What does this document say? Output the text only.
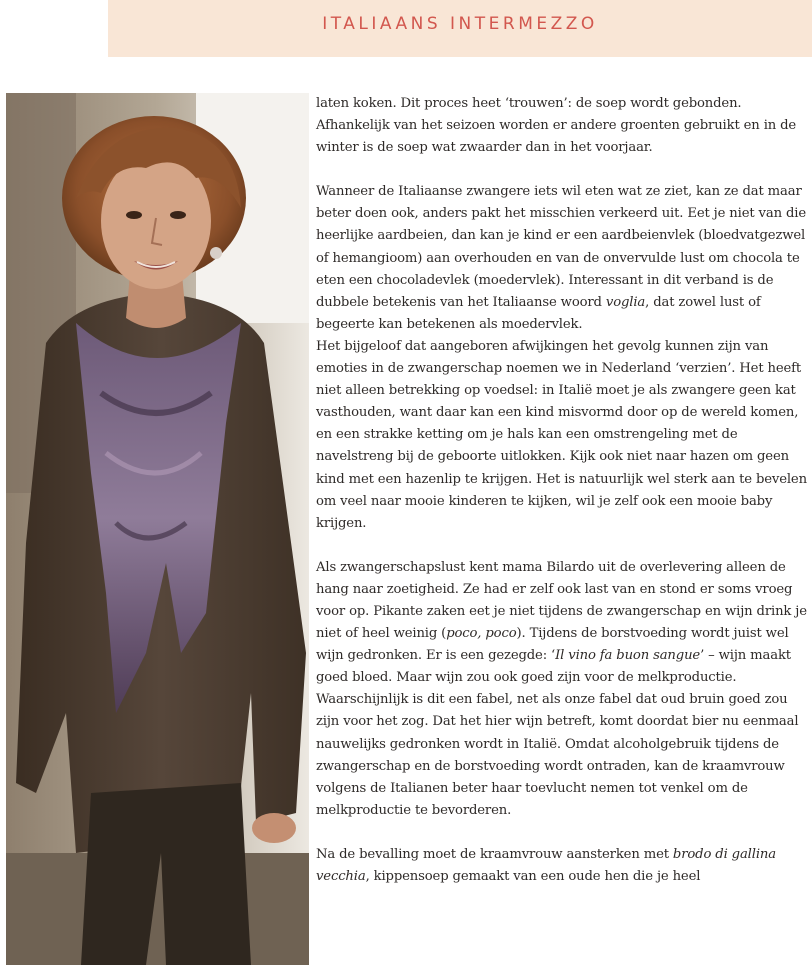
ITALIAANS INTERMEZZO

laten koken. Dit proces heet ‘trouwen’: de soep wordt gebonden. Afhankelijk van het seizoen worden er andere groenten gebruikt en in de winter is de soep wat zwaarder dan in het voorjaar.

Wanneer de Italiaanse zwangere iets wil eten wat ze ziet, kan ze dat maar beter doen ook, anders pakt het misschien verkeerd uit. Eet je niet van die heerlijke aardbeien, dan kan je kind er een aardbeienvlek (bloedvatgezwel of hemangioom) aan overhouden en van de onvervulde lust om chocola te eten een chocoladevlek (moedervlek). Interessant in dit verband is de dubbele betekenis van het Italiaanse woord voglia, dat zowel lust of begeerte kan betekenen als moedervlek.

Het bijgeloof dat aangeboren afwijkingen het gevolg kunnen zijn van emoties in de zwangerschap noemen we in Nederland ‘verzien’. Het heeft niet alleen betrekking op voedsel: in Italië moet je als zwangere geen kat vasthouden, want daar kan een kind misvormd door op de wereld komen, en een strakke ketting om je hals kan een omstrengeling met de navelstreng bij de geboorte uitlokken. Kijk ook niet naar hazen om geen kind met een hazenlip te krijgen. Het is natuurlijk wel sterk aan te bevelen om veel naar mooie kinderen te kijken, wil je zelf ook een mooie baby krijgen.

Als zwangerschapslust kent mama Bilardo uit de overlevering alleen de hang naar zoetigheid. Ze had er zelf ook last van en stond er soms vroeg voor op. Pikante zaken eet je niet tijdens de zwangerschap en wijn drink je niet of heel weinig (poco, poco). Tijdens de borstvoeding wordt juist wel wijn gedronken. Er is een gezegde: ‘Il vino fa buon sangue’ – wijn maakt goed bloed. Maar wijn zou ook goed zijn voor de melkproductie. Waarschijnlijk is dit een fabel, net als onze fabel dat oud bruin goed zou zijn voor het zog. Dat het hier wijn betreft, komt doordat bier nu eenmaal nauwelijks gedronken wordt in Italië. Omdat alcoholgebruik tijdens de zwangerschap en de borstvoeding wordt ontraden, kan de kraamvrouw volgens de Italianen beter haar toevlucht nemen tot venkel om de melkproductie te bevorderen.

Na de bevalling moet de kraamvrouw aansterken met brodo di gallina vecchia, kippensoep gemaakt van een oude hen die je heel
